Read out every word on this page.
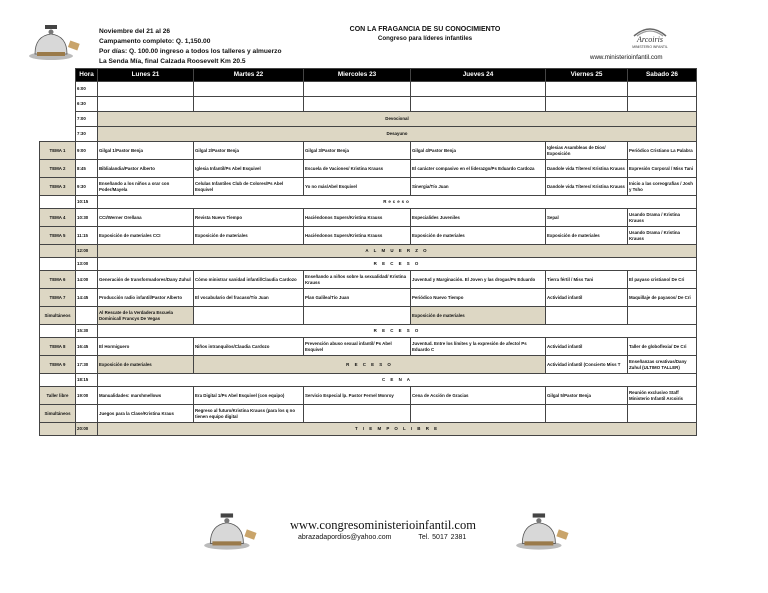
Noviembre del 21 al 26
Campamento completo: Q. 1,150.00
Por días: Q. 100.00 ingreso a todos los talleres y almuerzo
La Senda Mía, final Calzada Roosevelt Km 20.5
CON LA FRAGANCIA DE SU CONOCIMIENTO
Congreso para líderes infantiles	Arcoiris
MINISTERIO INFANTIL
www.ministerioinfantil.com
	Hora	Lunes 21	Martes 22	Miercoles 23	Jueves 24	Viernes 25	Sabado 26
	6:00						
	6:30						
	7:00	Devocional					
	7:30	Desayuno					
TEMA 1	9:00	Gilgal 1/Pastor Benja	Gilgal 2/Pastor Benja	Gilgal 3/Pastor Benja	Gilgal 4/Pastor Benja	Iglesias Asambleas de Dios/ Exposición	Periódico Cristiano La Palabra
TEMA 2	8:45	Biblialandia/Pastor Alberto	Iglesia Infantil/Ps Abel Esquivel	Escuela de Vaciones/ Kristina Krauss	El carácter compasivo en el liderazgo/Ps Eduardo Cardoza	Dandole vida Títeres/ Kristina Krauss	Expresión Corporal / Miss Tani
TEMA 3	9:30	Enseñando a los niños a orar con Poder/Mayela	Celulas Infantiles Club de Colores/Ps Abel Esquivel	Yo no más/Abel Esquivel	Sinergia/Tío Juan	Dandole vida Títeres/ Kristina Krauss	Inicio a las coreografías / Josh y Tsho
	10:15	Receso					
TEMA 4	10:30	CCI/Werner Orellana	Revista Nuevo Tiempo	Haciéndonos Supers/Kristina Krauss	Especialides Juveniles	Sepal	Usando Drama / Kristina Krauss
TEMA 5	11:15	Exposición de materiales CCI	Exposición de materiales	Haciéndonos Supers/Kristina Krauss	Exposición de materiales	Exposición de materiales	Usando Drama / Kristina Krauss
	12:00	A L M U E R Z O					
	13:00	R E C E S O					
TEMA 6	14:00	Generación de transformadores/Dany Zuhul	Cómo ministrar sanidad infantil/Claudia Cardozo	Enseñando a niños sobre la sexualidad/ Kristina Krauss	Juventud y Marginación. El Joven y las drogas/Ps Eduardo	Tierra fértil / Miss Tani	El payaso cristiano/ De Cri
TEMA 7	14:45	Producción radio infantil/Pastor Alberto	El vocabulario del fracaso/Tío Juan	Plan Galilea/Tío Juan	Periódico Nuevo Tiempo	Actividad infantil	Maquillaje de payasos/ De Cri
Simultáneos		Al Rescate de la Verdadera Escuela Dominical/ Francys De Vegas			Exposición de materiales		
	15:30	R E C E S O					
TEMA 8	16:45	El Hormiguero	Niños intranquilos/Claudia Cardozo	Prevención abuso sexual infantil/ Ps Abel Esquivel	Juventud. Entre los límites y la expresión de afecto/ Ps Eduardo C	Actividad infantil	Taller de globoflexia/ De Cri
TEMA 9	17:30	Exposición de materiales	R E C E S O			Actividad infantil (Concierto Miss T	Enseñanzas creativas/Dany Zuhul (ULTIMO TALLER)
	18:15	C E N A					
Taller libre	19:00	Manualidades: marshmellows	Era Digital 1/Ps Abel Esquivel (con equipo)	Servicio Especial lp. Pastor Fernel Monroy	Cena de Acción de Gracias	Gilgal 5/Pastor Benja	Reunión exclusivo Staff Ministerio Infantil Arcoiris
Simultáneos		Juegos para la Clase/Kristina Kraus	Regreso al futuro/Kristina Krauss (para los q no tienen equipo digital				
	20:00	T I E M P O L I B R E					
www.congresoministerioinfantil.com
abrazadapordios@yahoo.com	Tel. 5017 2381
